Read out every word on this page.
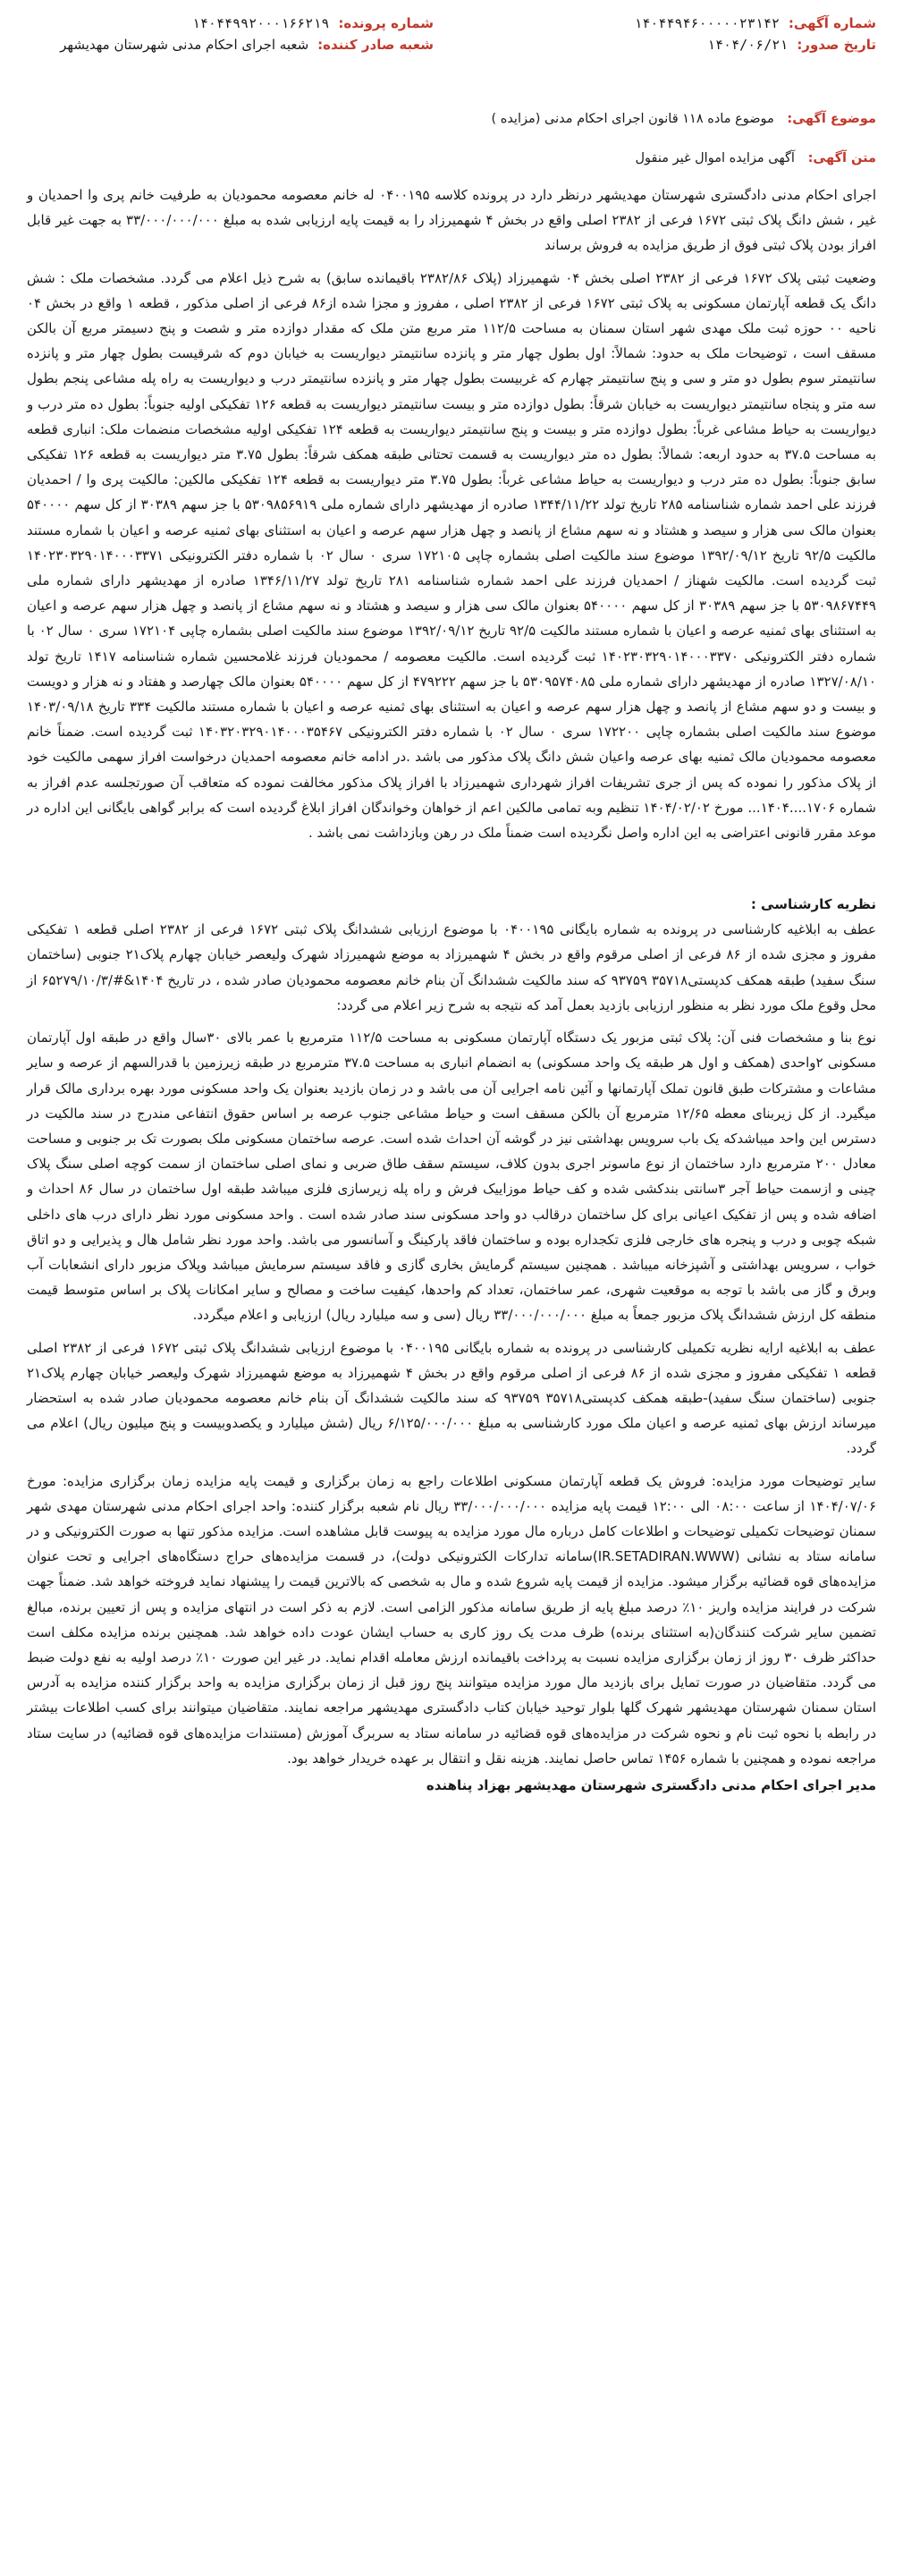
شماره آگهی:
۱۴۰۴۴۹۴۶۰۰۰۰۰۲۳۱۴۲
شماره پرونده:
۱۴۰۴۴۹۹۲۰۰۰۱۶۶۲۱۹
تاریخ صدور:
۱۴۰۴/۰۶/۲۱
شعبه صادر کننده:
شعبه اجرای احکام مدنی شهرستان مهدیشهر
موضوع آگهی: موضوع ماده ۱۱۸ قانون اجرای احکام مدنی (مزایده )
متن آگهی: آگهی مزایده اموال غیر منقول

اجرای احکام مدنی دادگستری شهرستان مهدیشهر درنظر دارد در پرونده کلاسه ۰۴۰۰۱۹۵ له خانم معصومه محمودیان به طرفیت خانم پری وا احمدیان و غیر ، شش دانگ پلاک ثبتی ۱۶۷۲ فرعی از ۲۳۸۲ اصلی واقع در بخش ۴ شهمیرزاد را به قیمت پایه ارزیابی شده به مبلغ ۳۳/۰۰۰/۰۰۰/۰۰۰ به جهت غیر قابل افراز بودن پلاک ثبتی فوق از طریق مزایده به فروش برساند

وضعیت ثبتی پلاک ۱۶۷۲ فرعی از ۲۳۸۲ اصلی بخش ۰۴ شهمیرزاد (پلاک ۲۳۸۲/۸۶ باقیمانده سابق) به شرح ذیل اعلام می گردد. مشخصات ملک : شش دانگ یک قطعه آپارتمان مسکونی به پلاک ثبتی ۱۶۷۲ فرعی از ۲۳۸۲ اصلی ، مفروز و مجزا شده از۸۶ فرعی از اصلی مذکور ، قطعه ۱ واقع در بخش ۰۴ ناحیه ۰۰ حوزه ثبت ملک مهدی شهر استان سمنان به مساحت ۱۱۲/۵ متر مربع متن ملک که مقدار دوازده متر و شصت و پنج دسیمتر مربع آن بالکن مسقف است ، توضیحات ملک به حدود: شمالاً: اول بطول چهار متر و پانزده سانتیمتر دیواریست به خیابان دوم که شرقیست بطول چهار متر و پانزده سانتیمتر سوم بطول دو متر و سی و پنج سانتیمتر چهارم که غربیست بطول چهار متر و پانزده سانتیمتر درب و دیواریست به راه پله مشاعی پنجم بطول سه متر و پنجاه سانتیمتر دیواریست به خیابان شرقاً: بطول دوازده متر و بیست سانتیمتر دیواریست به قطعه ۱۲۶ تفکیکی اولیه جنوباً: بطول ده متر درب و دیواریست به حیاط مشاعی غرباً: بطول دوازده متر و بیست و پنج سانتیمتر دیواریست به قطعه ۱۲۴ تفکیکی اولیه مشخصات منضمات ملک: انباری قطعه به مساحت ۳۷.۵ به حدود اربعه: شمالاً: بطول ده متر دیواریست به قسمت تحتانی طبقه همکف شرقاً: بطول ۳.۷۵ متر دیواریست به قطعه ۱۲۶ تفکیکی سابق جنوباً: بطول ده متر درب و دیواریست به حیاط مشاعی غرباً: بطول ۳.۷۵ متر دیواریست به قطعه ۱۲۴ تفکیکی مالکین: مالکیت پری وا / احمدیان فرزند علی احمد شماره شناسنامه ۲۸۵ تاریخ تولد ۱۳۴۴/۱۱/۲۲ صادره از مهدیشهر دارای شماره ملی ۵۳۰۹۸۵۶۹۱۹ با جز سهم ۳۰۳۸۹ از کل سهم ۵۴۰۰۰۰ بعنوان مالک سی هزار و سیصد و هشتاد و نه سهم مشاع از پانصد و چهل هزار سهم عرصه و اعیان به استثنای بهای ثمنیه عرصه و اعیان با شماره مستند مالکیت ۹۲/۵ تاریخ ۱۳۹۲/۰۹/۱۲ موضوع سند مالکیت اصلی بشماره چاپی ۱۷۲۱۰۵ سری ۰ سال ۰۲ با شماره دفتر الکترونیکی ۱۴۰۲۳۰۳۲۹۰۱۴۰۰۰۳۳۷۱ ثبت گردیده است. مالکیت شهناز / احمدیان فرزند علی احمد شماره شناسنامه ۲۸۱ تاریخ تولد ۱۳۴۶/۱۱/۲۷ صادره از مهدیشهر دارای شماره ملی ۵۳۰۹۸۶۷۴۴۹ با جز سهم ۳۰۳۸۹ از کل سهم ۵۴۰۰۰۰ بعنوان مالک سی هزار و سیصد و هشتاد و نه سهم مشاع از پانصد و چهل هزار سهم عرصه و اعیان به استثنای بهای ثمنیه عرصه و اعیان با شماره مستند مالکیت ۹۲/۵ تاریخ ۱۳۹۲/۰۹/۱۲ موضوع سند مالکیت اصلی بشماره چاپی ۱۷۲۱۰۴ سری ۰ سال ۰۲ با شماره دفتر الکترونیکی ۱۴۰۲۳۰۳۲۹۰۱۴۰۰۰۳۳۷۰ ثبت گردیده است. مالکیت معصومه / محمودیان فرزند غلامحسین شماره شناسنامه ۱۴۱۷ تاریخ تولد ۱۳۲۷/۰۸/۱۰ صادره از مهدیشهر دارای شماره ملی ۵۳۰۹۵۷۴۰۸۵ با جز سهم ۴۷۹۲۲۲ از کل سهم ۵۴۰۰۰۰ بعنوان مالک چهارصد و هفتاد و نه هزار و دویست و بیست و دو سهم مشاع از پانصد و چهل هزار سهم عرصه و اعیان به استثنای بهای ثمنیه عرصه و اعیان با شماره مستند مالکیت ۳۳۴ تاریخ ۱۴۰۳/۰۹/۱۸ موضوع سند مالکیت اصلی بشماره چاپی ۱۷۲۲۰۰ سری ۰ سال ۰۲ با شماره دفتر الکترونیکی ۱۴۰۳۲۰۳۲۹۰۱۴۰۰۰۳۵۴۶۷ ثبت گردیده است. ضمناً خانم معصومه محمودیان مالک ثمنیه بهای عرصه واعیان شش دانگ پلاک مذکور می باشد .در ادامه خانم معصومه احمدیان درخواست افراز سهمی مالکیت خود از پلاک مذکور را نموده که پس از جری تشریفات افراز شهرداری شهمیرزاد با افراز پلاک مذکور مخالفت نموده که متعاقب آن صورتجلسه عدم افراز به شماره ۱۷۰۶....۱۴۰۴... مورخ ۱۴۰۴/۰۲/۰۲ تنظیم وبه تمامی مالکین اعم از خواهان وخواندگان افراز ابلاغ گردیده است که برابر گواهی بایگانی این اداره در موعد مقرر قانونی اعتراضی به این اداره واصل نگردیده است ضمناً ملک در رهن وبازداشت نمی باشد .

نظریه کارشناسی :

عطف به ابلاغیه کارشناسی در پرونده به شماره بایگانی ۰۴۰۰۱۹۵ با موضوع ارزیابی ششدانگ پلاک ثبتی ۱۶۷۲ فرعی از ۲۳۸۲ اصلی قطعه ۱ تفکیکی مفروز و مجزی شده از ۸۶ فرعی از اصلی مرقوم واقع در بخش ۴ شهمیرزاد به موضع شهمیرزاد شهرک ولیعصر خیابان چهارم پلاک۲۱ جنوبی (ساختمان سنگ سفید) طبقه همکف کدپستی۳۵۷۱۸ ۹۳۷۵۹ که سند مالکیت ششدانگ آن بنام خانم معصومه محمودیان صادر شده ، در تاریخ ۱۴۰۴&#/۶۵۲۷۹/۱۰/۳ از محل وقوع ملک مورد نظر به منظور ارزیابی بازدید بعمل آمد که نتیجه به شرح زیر اعلام می گردد:

نوع بنا و مشخصات فنی آن: پلاک ثبتی مزبور یک دستگاه آپارتمان مسکونی به مساحت ۱۱۲/۵ مترمربع با عمر بالای ۳۰سال واقع در طبقه اول آپارتمان مسکونی ۲واحدی (همکف و اول هر طبقه یک واحد مسکونی) به انضمام انباری به مساحت ۳۷.۵ مترمربع در طبقه زیرزمین با قدرالسهم از عرصه و سایر مشاعات و مشترکات طبق قانون تملک آپارتمانها و آئین نامه اجرایی آن می باشد و در زمان بازدید بعنوان یک واحد مسکونی مورد بهره برداری مالک قرار میگیرد. از کل زیربنای معطه ۱۲/۶۵ مترمربع آن بالکن مسقف است و حیاط مشاعی جنوب عرصه بر اساس حقوق انتفاعی مندرج در سند مالکیت در دسترس این واحد میباشدکه یک باب سرویس بهداشتی نیز در گوشه آن احداث شده است. عرصه ساختمان مسکونی ملک بصورت تک بر جنوبی و مساحت معادل ۲۰۰ مترمربع دارد ساختمان از نوع ماسونر اجری بدون کلاف، سیستم سقف طاق ضربی و نمای اصلی ساختمان از سمت کوچه اصلی سنگ پلاک چینی و ازسمت حیاط آجر ۳سانتی بندکشی شده و کف حیاط موزاییک فرش و راه پله زیرسازی فلزی میباشد طبقه اول ساختمان در سال ۸۶ احداث و اضافه شده و پس از تفکیک اعیانی برای کل ساختمان درقالب دو واحد مسکونی سند صادر شده است . واحد مسکونی مورد نظر دارای درب های داخلی شبکه چوبی و درب و پنجره های خارجی فلزی تکجداره بوده و ساختمان فاقد پارکینگ و آسانسور می باشد. واحد مورد نظر شامل هال و پذیرایی و دو اتاق خواب ، سرویس بهداشتی و آشپزخانه میباشد . همچنین سیستم گرمایش بخاری گازی و فاقد سیستم سرمایش میباشد وپلاک مزبور دارای انشعابات آب وبرق و گاز می باشد با توجه به موقعیت شهری، عمر ساختمان، تعداد کم واحدها، کیفیت ساخت و مصالح و سایر امکانات پلاک بر اساس متوسط قیمت منطقه کل ارزش ششدانگ پلاک مزبور جمعاً به مبلغ ۳۳/۰۰۰/۰۰۰/۰۰۰ ریال (سی و سه میلیارد ریال) ارزیابی و اعلام میگردد.

عطف به ابلاغیه ارایه نظریه تکمیلی کارشناسی در پرونده به شماره بایگانی ۰۴۰۰۱۹۵ با موضوع ارزیابی ششدانگ پلاک ثبتی ۱۶۷۲ فرعی از ۲۳۸۲ اصلی قطعه ۱ تفکیکی مفروز و مجزی شده از ۸۶ فرعی از اصلی مرقوم واقع در بخش ۴ شهمیرزاد به موضع شهمیرزاد شهرک ولیعصر خیابان چهارم پلاک۲۱ جنوبی (ساختمان سنگ سفید)-طبقه همکف کدپستی۳۵۷۱۸ ۹۳۷۵۹ که سند مالکیت ششدانگ آن بنام خانم معصومه محمودیان صادر شده به استحضار میرساند ارزش بهای ثمنیه عرصه و اعیان ملک مورد کارشناسی به مبلغ ۶/۱۲۵/۰۰۰/۰۰۰ ریال (شش میلیارد و یکصدوبیست و پنج میلیون ریال) اعلام می گردد.

سایر توضیحات مورد مزایده: فروش یک قطعه آپارتمان مسکونی اطلاعات راجع به زمان برگزاری و قیمت پایه مزایده زمان برگزاری مزایده: مورخ ۱۴۰۴/۰۷/۰۶ از ساعت ۰۸:۰۰ الی ۱۲:۰۰ قیمت پایه مزایده ۳۳/۰۰۰/۰۰۰/۰۰۰ ریال نام شعبه برگزار کننده: واحد اجرای احکام مدنی شهرستان مهدی شهر سمنان توضیحات تکمیلی توضیحات و اطلاعات کامل درباره مال مورد مزایده به پیوست قابل مشاهده است. مزایده مذکور تنها به صورت الکترونیکی و در سامانه ستاد به نشانی (IR.SETADIRAN.WWW)سامانه تدارکات الکترونیکی دولت)، در قسمت مزایده‌های حراج دستگاه‌های اجرایی و تحت عنوان مزایده‌های قوه قضائیه برگزار میشود. مزایده از قیمت پایه شروع شده و مال به شخصی که بالاترین قیمت را پیشنهاد نماید فروخته خواهد شد. ضمناً جهت شرکت در فرایند مزایده واریز ۱۰٪ درصد مبلغ پایه از طریق سامانه مذکور الزامی است. لازم به ذکر است در انتهای مزایده و پس از تعیین برنده، مبالغ تضمین سایر شرکت کنندگان(به استثنای برنده) ظرف مدت یک روز کاری به حساب ایشان عودت داده خواهد شد. همچنین برنده مزایده مکلف است حداکثر ظرف ۳۰ روز از زمان برگزاری مزایده نسبت به پرداخت باقیمانده ارزش معامله اقدام نماید. در غیر این صورت ۱۰٪ درصد اولیه به نفع دولت ضبط می گردد. متقاضیان در صورت تمایل برای بازدید مال مورد مزایده میتوانند پنج روز قبل از زمان برگزاری مزایده به واحد برگزار کننده مزایده به آدرس استان سمنان شهرستان مهدیشهر شهرک گلها بلوار توحید خیابان کتاب دادگستری مهدیشهر مراجعه نمایند. متقاضیان میتوانند برای کسب اطلاعات بیشتر در رابطه با نحوه ثبت نام و نحوه شرکت در مزایده‌های قوه قضائیه در سامانه ستاد به سربرگ آموزش (مستندات مزایده‌های قوه قضائیه) در سایت ستاد مراجعه نموده و همچنین با شماره ۱۴۵۶ تماس حاصل نمایند. هزینه نقل و انتقال بر عهده خریدار خواهد بود.

مدیر اجرای احکام مدنی دادگستری شهرستان مهدیشهر بهزاد پناهنده
